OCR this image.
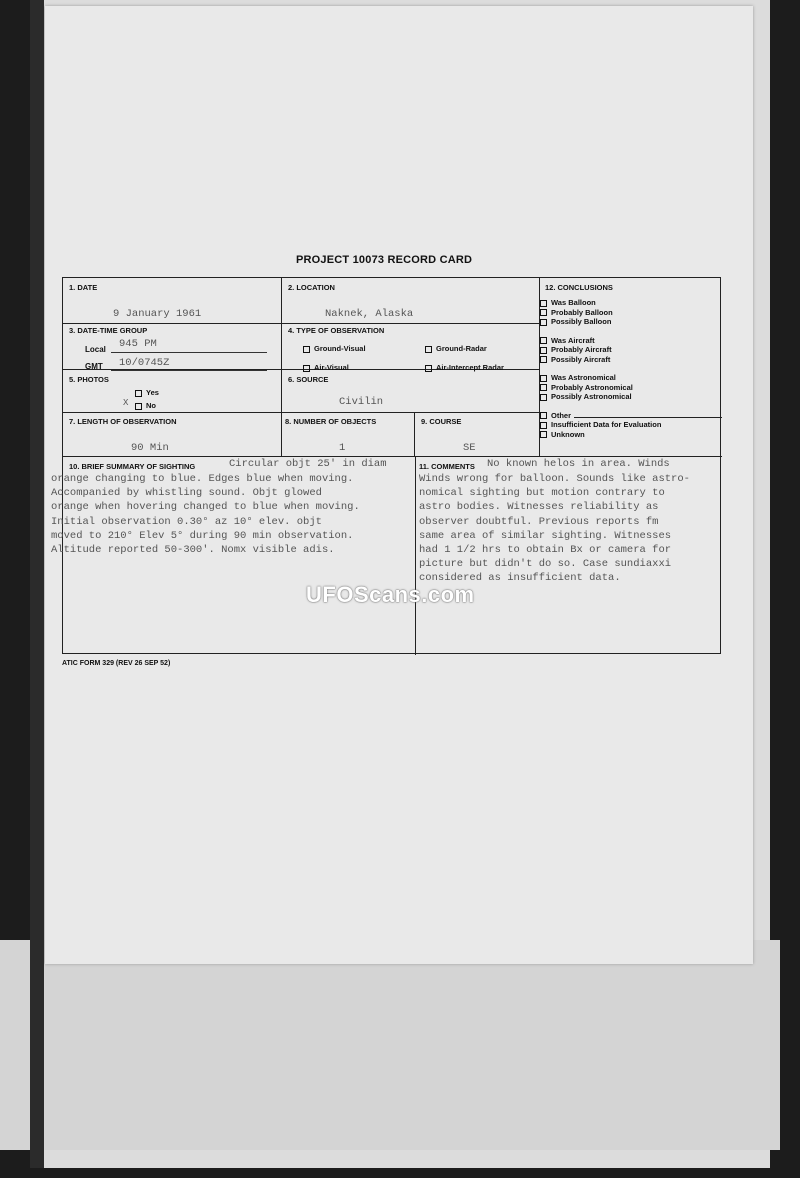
PROJECT 10073 RECORD CARD
1. DATE
9 January 1961
2. LOCATION
Naknek, Alaska
3. DATE-TIME GROUP
Local 945 PM
GMT 10/0745Z
4. TYPE OF OBSERVATION
Ground-Visual	Ground-Radar
Air-Visual	Air-Intercept Radar
5. PHOTOS
Yes
X	No
6. SOURCE
Civilin
7. LENGTH OF OBSERVATION
90 Min
8. NUMBER OF OBJECTS
1
9. COURSE
SE
10. BRIEF SUMMARY OF SIGHTING	Circular objt 25' in diam
orange changing to blue. Edges blue when moving.
Accompanied by whistling sound. Objt glowed
orange when hovering changed to blue when moving.
Initial observation 0.30° az 10° elev. objt
moved to 210° Elev 5° during 90 min observation.
Altitude reported 50-300'. Nomx visible adis.
11. COMMENTS No known helos in area. Winds
Winds wrong for balloon. Sounds like astro-
nomical sighting but motion contrary to
astro bodies. Witnesses reliability as
observer doubtful. Previous reports fm
same area of similar sighting. Witnesses
had 1 1/2 hrs to obtain Bx or camera for
picture but didn't do so. Case sundiaxxi
considered as insufficient data.
12. CONCLUSIONS
Was Balloon
Probably Balloon
Possibly Balloon
Was Aircraft
Probably Aircraft
Possibly Aircraft
Was Astronomical
Probably Astronomical
Possibly Astronomical
Other
Insufficient Data for Evaluation
Unknown
ATIC FORM 329 (REV 26 SEP 52)
UFOScans.com
